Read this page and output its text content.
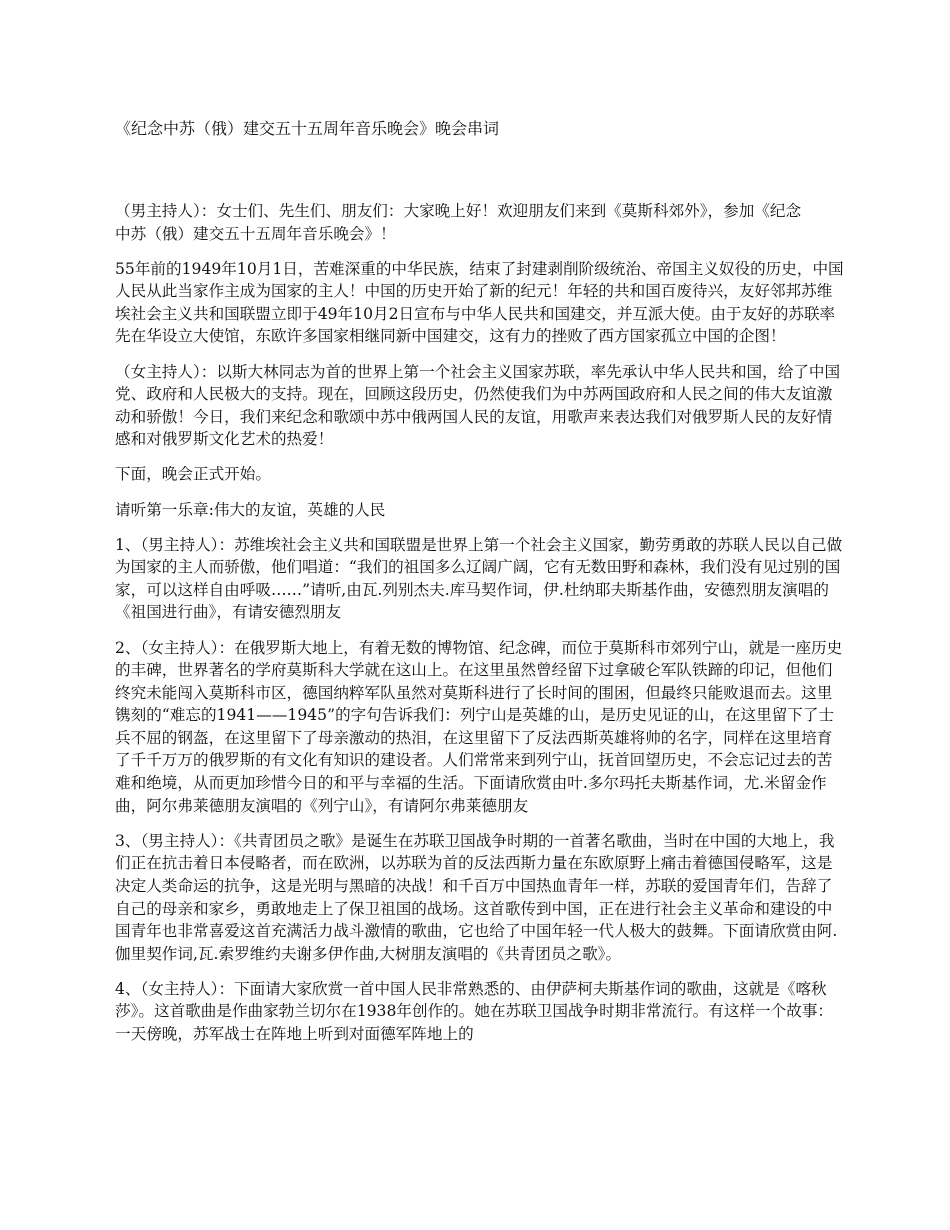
《纪念中苏（俄）建交五十五周年音乐晚会》晚会串词

（男主持人）：女士们、先生们、朋友们：大家晚上好！欢迎朋友们来到《莫斯科郊外》，参加《纪念中苏（俄）建交五十五周年音乐晚会》！

55年前的1949年10月1日，苦难深重的中华民族，结束了封建剥削阶级统治、帝国主义奴役的历史，中国人民从此当家作主成为国家的主人！中国的历史开始了新的纪元！年轻的共和国百废待兴，友好邻邦苏维埃社会主义共和国联盟立即于49年10月2日宣布与中华人民共和国建交，并互派大使。由于友好的苏联率先在华设立大使馆，东欧许多国家相继同新中国建交，这有力的挫败了西方国家孤立中国的企图！

（女主持人）：以斯大林同志为首的世界上第一个社会主义国家苏联，率先承认中华人民共和国，给了中国党、政府和人民极大的支持。现在，回顾这段历史，仍然使我们为中苏两国政府和人民之间的伟大友谊激动和骄傲！今日，我们来纪念和歌颂中苏中俄两国人民的友谊，用歌声来表达我们对俄罗斯人民的友好情感和对俄罗斯文化艺术的热爱！

下面，晚会正式开始。

请听第一乐章:伟大的友谊，英雄的人民

1、（男主持人）：苏维埃社会主义共和国联盟是世界上第一个社会主义国家，勤劳勇敢的苏联人民以自己做为国家的主人而骄傲，他们唱道：“我们的祖国多么辽阔广阔，它有无数田野和森林，我们没有见过别的国家，可以这样自由呼吸……”请听,由瓦.列别杰夫.库马契作词，伊.杜纳耶夫斯基作曲，安德烈朋友演唱的《祖国进行曲》，有请安德烈朋友

2、（女主持人）：在俄罗斯大地上，有着无数的博物馆、纪念碑，而位于莫斯科市郊列宁山，就是一座历史的丰碑，世界著名的学府莫斯科大学就在这山上。在这里虽然曾经留下过拿破仑军队铁蹄的印记，但他们终究未能闯入莫斯科市区，德国纳粹军队虽然对莫斯科进行了长时间的围困，但最终只能败退而去。这里镌刻的“难忘的1941——1945”的字句告诉我们：列宁山是英雄的山，是历史见证的山，在这里留下了士兵不屈的钢盔，在这里留下了母亲激动的热泪，在这里留下了反法西斯英雄将帅的名字，同样在这里培育了千千万万的俄罗斯的有文化有知识的建设者。人们常常来到列宁山，抚首回望历史，不会忘记过去的苦难和绝境，从而更加珍惜今日的和平与幸福的生活。下面请欣赏由叶.多尔玛托夫斯基作词，尤.米留金作曲，阿尔弗莱德朋友演唱的《列宁山》，有请阿尔弗莱德朋友

3、（男主持人）：《共青团员之歌》是诞生在苏联卫国战争时期的一首著名歌曲，当时在中国的大地上，我们正在抗击着日本侵略者，而在欧洲，以苏联为首的反法西斯力量在东欧原野上痛击着德国侵略军，这是决定人类命运的抗争，这是光明与黑暗的决战！和千百万中国热血青年一样，苏联的爱国青年们，告辞了自己的母亲和家乡，勇敢地走上了保卫祖国的战场。这首歌传到中国，正在进行社会主义革命和建设的中国青年也非常喜爱这首充满活力战斗激情的歌曲，它也给了中国年轻一代人极大的鼓舞。下面请欣赏由阿.伽里契作词,瓦.索罗维约夫谢多伊作曲,大树朋友演唱的《共青团员之歌》。

4、（女主持人）：下面请大家欣赏一首中国人民非常熟悉的、由伊萨柯夫斯基作词的歌曲，这就是《喀秋莎》。这首歌曲是作曲家勃兰切尔在1938年创作的。她在苏联卫国战争时期非常流行。有这样一个故事：一天傍晚，苏军战士在阵地上听到对面德军阵地上的
